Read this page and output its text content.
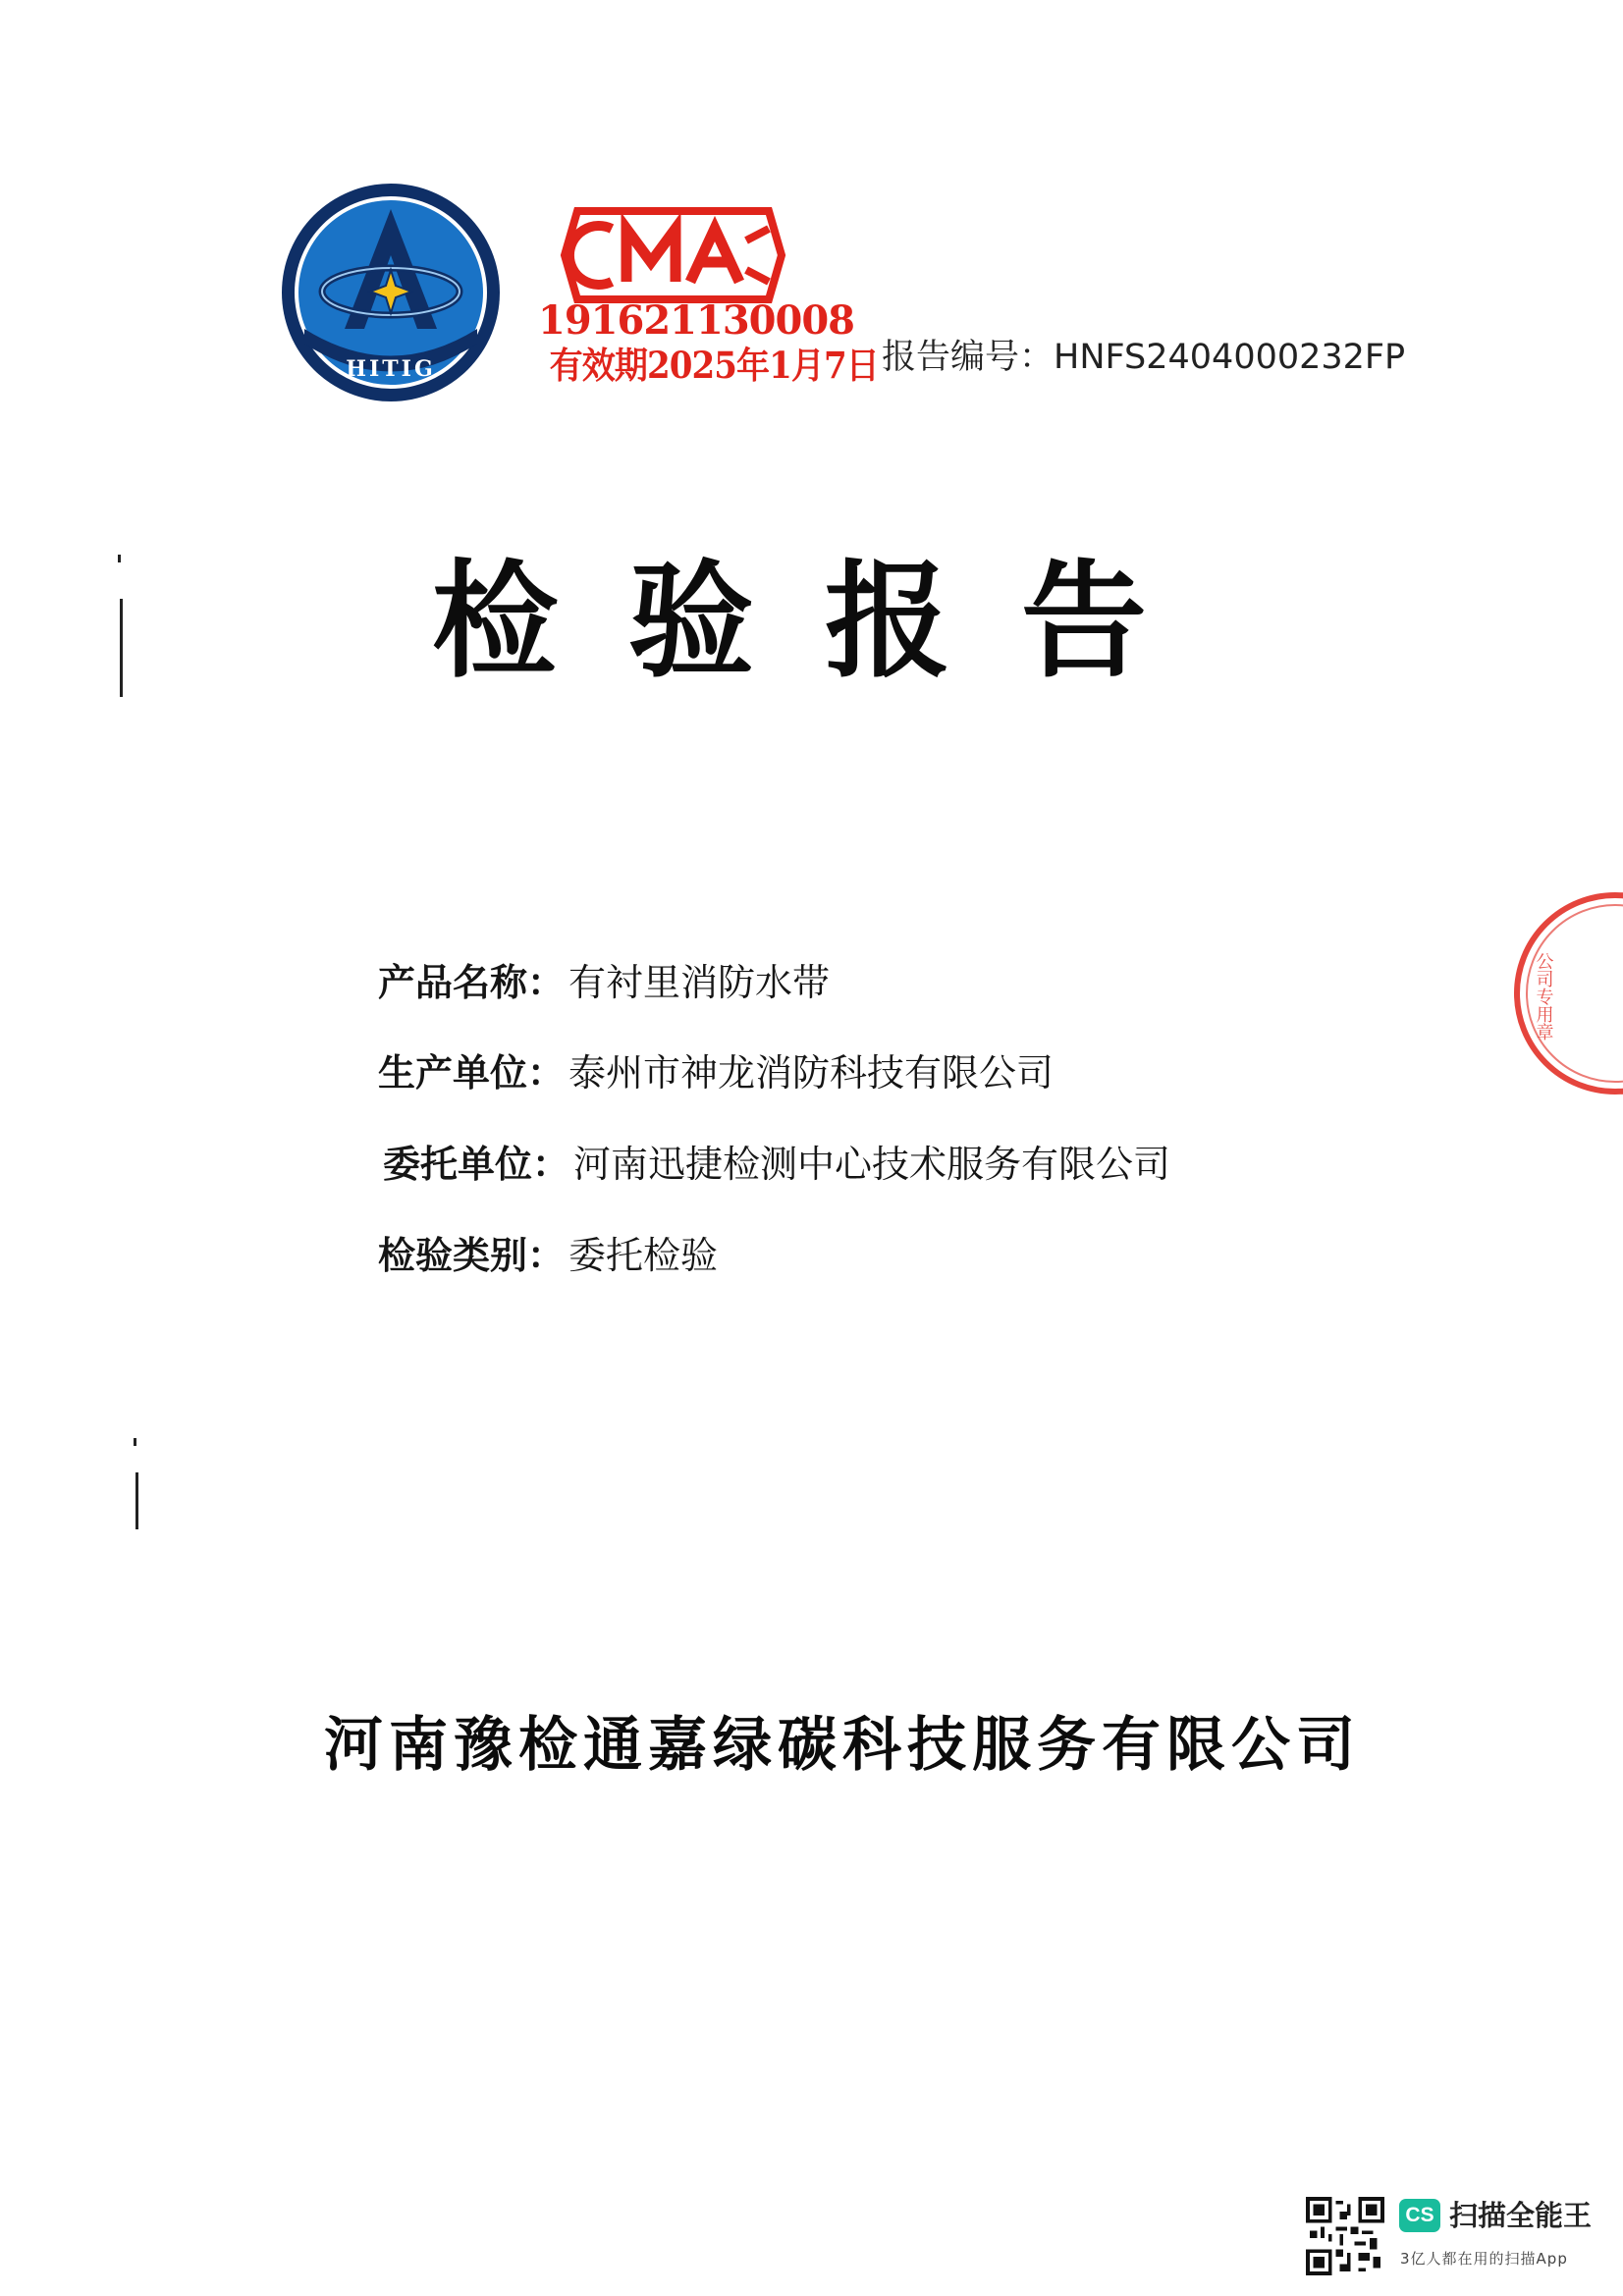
HITIG
191621130008
有效期2025年1月7日 报告编号：HNFS2404000232FP
检验报告
产品名称： 有衬里消防水带
生产单位： 泰州市神龙消防科技有限公司
委托单位： 河南迅捷检测中心技术服务有限公司
检验类别： 委托检验
河南豫检通嘉绿碳科技服务有限公司
公司专用章
CS 扫描全能王
3亿人都在用的扫描App
